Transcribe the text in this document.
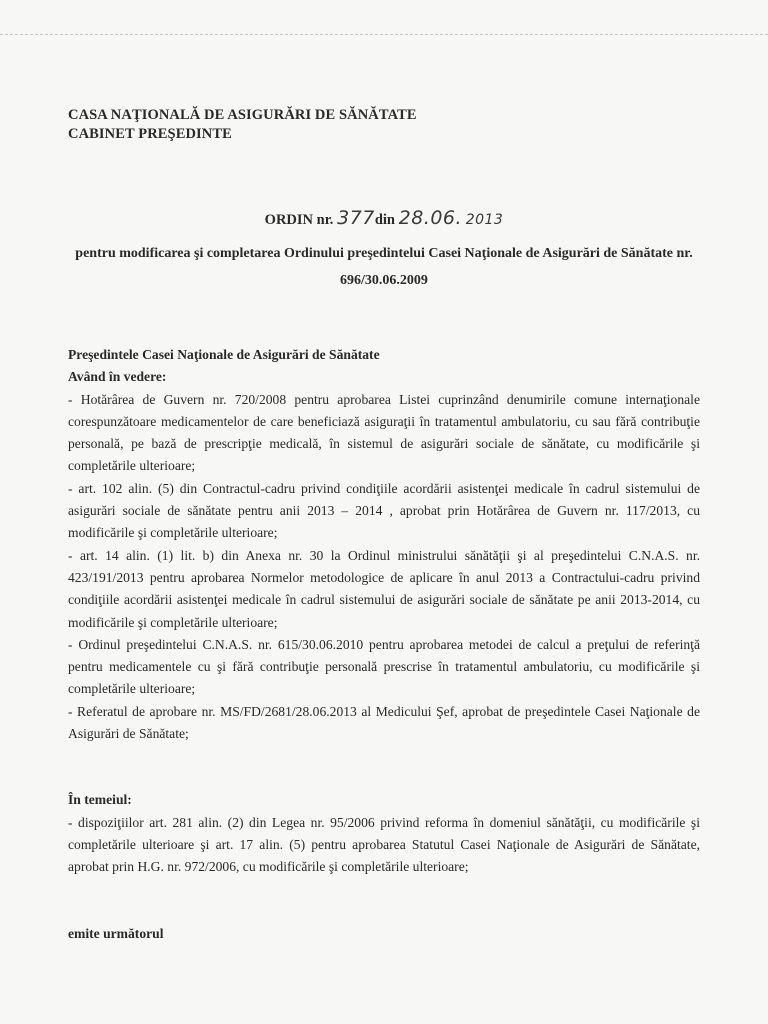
CASA NAŢIONALĂ DE ASIGURĂRI DE SĂNĂTATE
CABINET PREŞEDINTE
ORDIN nr. 377din 28.06. 2013
pentru modificarea şi completarea Ordinului preşedintelui Casei Naţionale de Asigurări de Sănătate nr. 696/30.06.2009

Preşedintele Casei Naţionale de Asigurări de Sănătate

Având în vedere:

- Hotărârea de Guvern nr. 720/2008 pentru aprobarea Listei cuprinzând denumirile comune internaţionale corespunzătoare medicamentelor de care beneficiază asiguraţii în tratamentul ambulatoriu, cu sau fără contribuţie personală, pe bază de prescripţie medicală, în sistemul de asigurări sociale de sănătate, cu modificările şi completările ulterioare;

- art. 102 alin. (5) din Contractul-cadru privind condiţiile acordării asistenţei medicale în cadrul sistemului de asigurări sociale de sănătate pentru anii 2013 – 2014 , aprobat prin Hotărârea de Guvern nr. 117/2013, cu modificările şi completările ulterioare;

- art. 14 alin. (1) lit. b) din Anexa nr. 30 la Ordinul ministrului sănătăţii şi al preşedintelui C.N.A.S. nr. 423/191/2013 pentru aprobarea Normelor metodologice de aplicare în anul 2013 a Contractului-cadru privind condiţiile acordării asistenţei medicale în cadrul sistemului de asigurări sociale de sănătate pe anii 2013-2014, cu modificările şi completările ulterioare;

- Ordinul preşedintelui C.N.A.S. nr. 615/30.06.2010 pentru aprobarea metodei de calcul a preţului de referinţă pentru medicamentele cu şi fără contribuţie personală prescrise în tratamentul ambulatoriu, cu modificările şi completările ulterioare;

- Referatul de aprobare nr. MS/FD/2681/28.06.2013 al Medicului Şef, aprobat de preşedintele Casei Naţionale de Asigurări de Sănătate;

În temeiul:

- dispoziţiilor art. 281 alin. (2) din Legea nr. 95/2006 privind reforma în domeniul sănătăţii, cu modificările şi completările ulterioare şi art. 17 alin. (5) pentru aprobarea Statutul Casei Naţionale de Asigurări de Sănătate, aprobat prin H.G. nr. 972/2006, cu modificările şi completările ulterioare;

emite următorul
